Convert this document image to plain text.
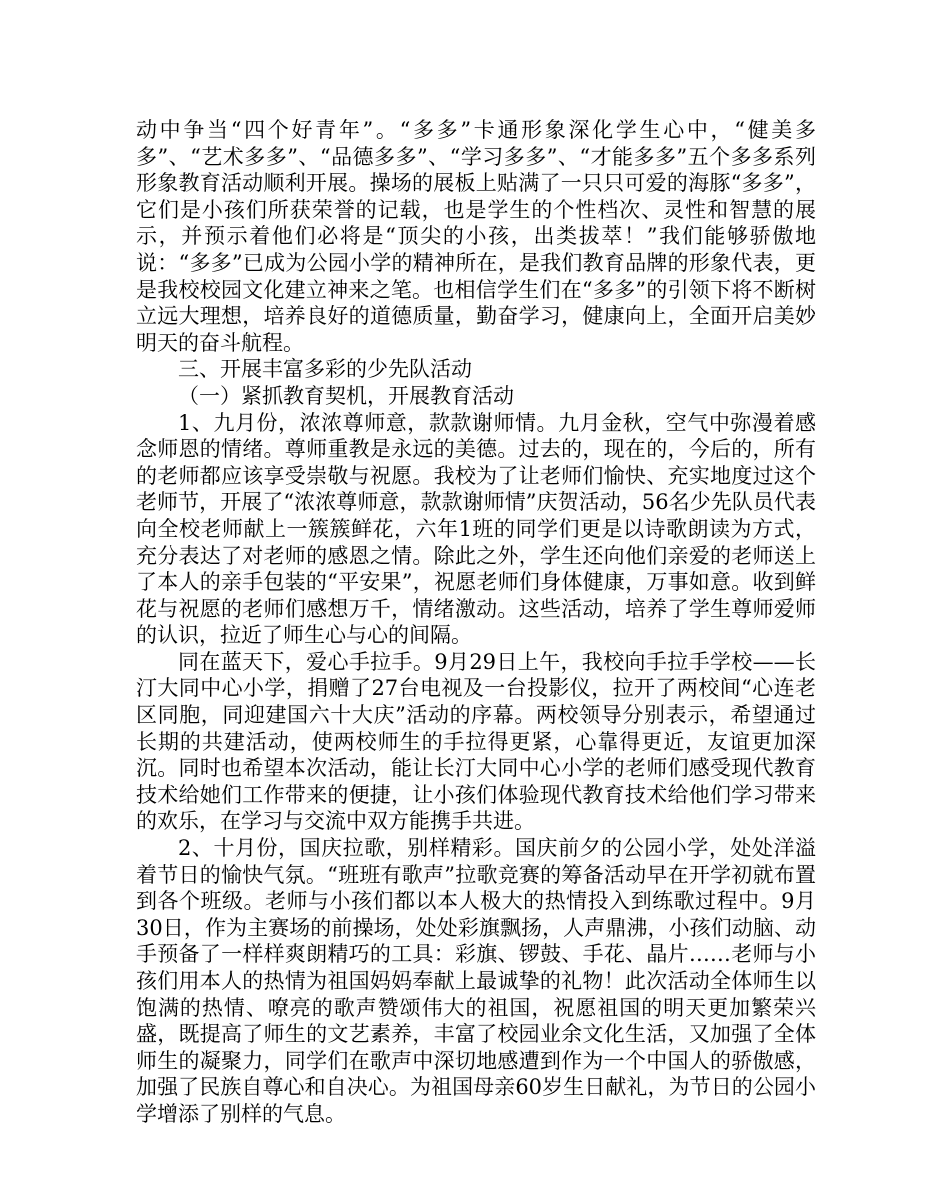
动中争当“四个好青年”。“多多”卡通形象深化学生心中，“健美多多”、“艺术多多”、“品德多多”、“学习多多”、“才能多多”五个多多系列形象教育活动顺利开展。操场的展板上贴满了一只只可爱的海豚“多多”，它们是小孩们所获荣誉的记载，也是学生的个性档次、灵性和智慧的展示，并预示着他们必将是“顶尖的小孩，出类拔萃！”我们能够骄傲地说：“多多”已成为公园小学的精神所在，是我们教育品牌的形象代表，更是我校校园文化建立神来之笔。也相信学生们在“多多”的引领下将不断树立远大理想，培养良好的道德质量，勤奋学习，健康向上，全面开启美妙明天的奋斗航程。

三、开展丰富多彩的少先队活动

（一）紧抓教育契机，开展教育活动

1、九月份，浓浓尊师意，款款谢师情。九月金秋，空气中弥漫着感念师恩的情绪。尊师重教是永远的美德。过去的，现在的，今后的，所有的老师都应该享受崇敬与祝愿。我校为了让老师们愉快、充实地度过这个老师节，开展了“浓浓尊师意，款款谢师情”庆贺活动，56名少先队员代表向全校老师献上一簇簇鲜花，六年1班的同学们更是以诗歌朗读为方式，充分表达了对老师的感恩之情。除此之外，学生还向他们亲爱的老师送上了本人的亲手包装的“平安果”，祝愿老师们身体健康，万事如意。收到鲜花与祝愿的老师们感想万千，情绪激动。这些活动，培养了学生尊师爱师的认识，拉近了师生心与心的间隔。

同在蓝天下，爱心手拉手。9月29日上午，我校向手拉手学校——长汀大同中心小学，捐赠了27台电视及一台投影仪，拉开了两校间“心连老区同胞，同迎建国六十大庆”活动的序幕。两校领导分别表示，希望通过长期的共建活动，使两校师生的手拉得更紧，心靠得更近，友谊更加深沉。同时也希望本次活动，能让长汀大同中心小学的老师们感受现代教育技术给她们工作带来的便捷，让小孩们体验现代教育技术给他们学习带来的欢乐，在学习与交流中双方能携手共进。

2、十月份，国庆拉歌，别样精彩。国庆前夕的公园小学，处处洋溢着节日的愉快气氛。“班班有歌声”拉歌竞赛的筹备活动早在开学初就布置到各个班级。老师与小孩们都以本人极大的热情投入到练歌过程中。9月30日，作为主赛场的前操场，处处彩旗飘扬，人声鼎沸，小孩们动脑、动手预备了一样样爽朗精巧的工具：彩旗、锣鼓、手花、晶片……老师与小孩们用本人的热情为祖国妈妈奉献上最诚挚的礼物！此次活动全体师生以饱满的热情、嘹亮的歌声赞颂伟大的祖国，祝愿祖国的明天更加繁荣兴盛，既提高了师生的文艺素养，丰富了校园业余文化生活，又加强了全体师生的凝聚力，同学们在歌声中深切地感遭到作为一个中国人的骄傲感，加强了民族自尊心和自决心。为祖国母亲60岁生日献礼，为节日的公园小学增添了别样的气息。
